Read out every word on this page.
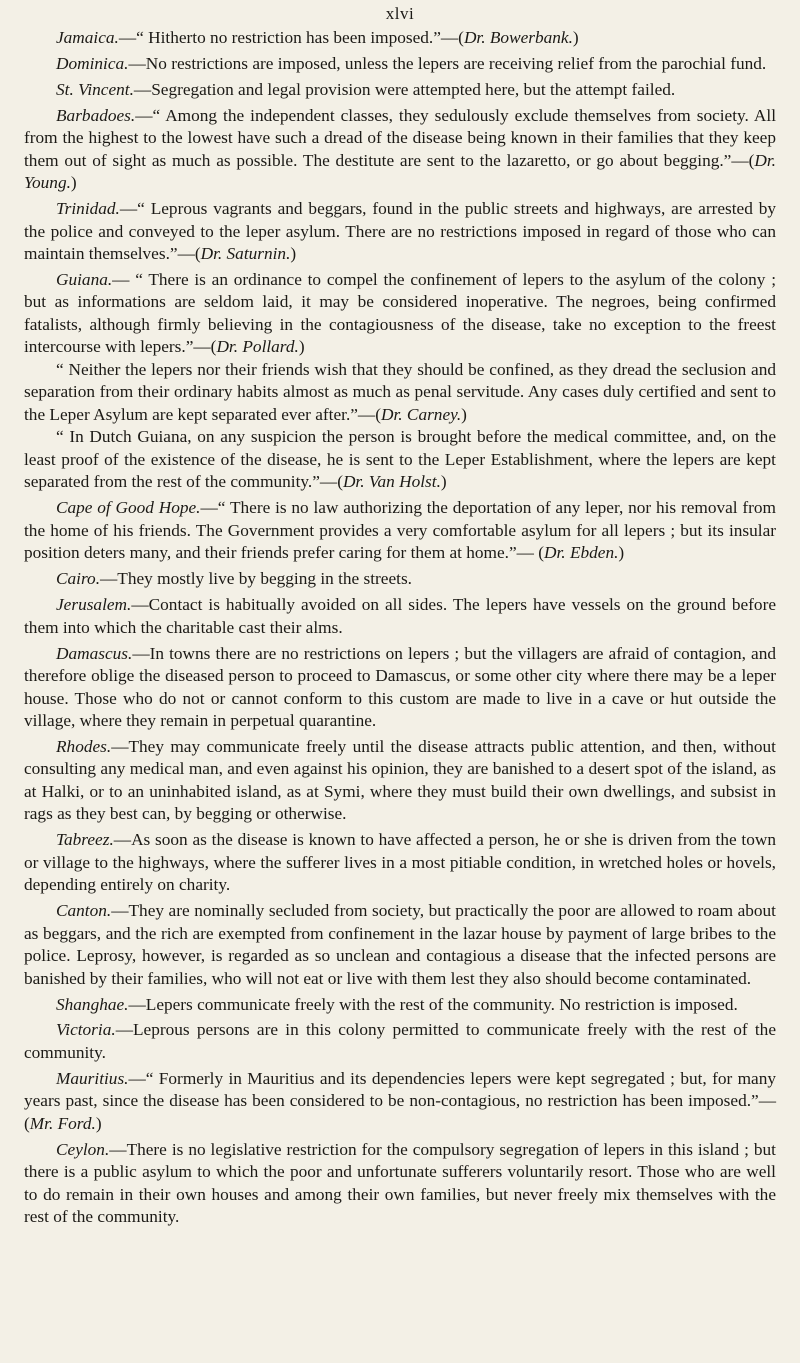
xlvi

Jamaica.—“ Hitherto no restriction has been imposed.”—(Dr. Bowerbank.)

Dominica.—No restrictions are imposed, unless the lepers are receiving relief from the parochial fund.

St. Vincent.—Segregation and legal provision were attempted here, but the attempt failed.

Barbadoes.—“ Among the independent classes, they sedulously exclude themselves from society. All from the highest to the lowest have such a dread of the disease being known in their families that they keep them out of sight as much as possible. The destitute are sent to the lazaretto, or go about begging.”—(Dr. Young.)

Trinidad.—“ Leprous vagrants and beggars, found in the public streets and highways, are arrested by the police and conveyed to the leper asylum. There are no restrictions imposed in regard of those who can maintain themselves.”—(Dr. Saturnin.)

Guiana.— “ There is an ordinance to compel the confinement of lepers to the asylum of the colony ; but as informations are seldom laid, it may be considered inoperative. The negroes, being confirmed fatalists, although firmly believing in the contagiousness of the disease, take no exception to the freest intercourse with lepers.”—(Dr. Pollard.)

“ Neither the lepers nor their friends wish that they should be confined, as they dread the seclusion and separation from their ordinary habits almost as much as penal servitude. Any cases duly certified and sent to the Leper Asylum are kept separated ever after.”—(Dr. Carney.)

“ In Dutch Guiana, on any suspicion the person is brought before the medical committee, and, on the least proof of the existence of the disease, he is sent to the Leper Establishment, where the lepers are kept separated from the rest of the community.”—(Dr. Van Holst.)

Cape of Good Hope.—“ There is no law authorizing the deportation of any leper, nor his removal from the home of his friends. The Government provides a very comfortable asylum for all lepers ; but its insular position deters many, and their friends prefer caring for them at home.”— (Dr. Ebden.)

Cairo.—They mostly live by begging in the streets.

Jerusalem.—Contact is habitually avoided on all sides. The lepers have vessels on the ground before them into which the charitable cast their alms.

Damascus.—In towns there are no restrictions on lepers ; but the villagers are afraid of contagion, and therefore oblige the diseased person to proceed to Damascus, or some other city where there may be a leper house. Those who do not or cannot conform to this custom are made to live in a cave or hut outside the village, where they remain in perpetual quarantine.

Rhodes.—They may communicate freely until the disease attracts public attention, and then, without consulting any medical man, and even against his opinion, they are banished to a desert spot of the island, as at Halki, or to an uninhabited island, as at Symi, where they must build their own dwellings, and subsist in rags as they best can, by begging or otherwise.

Tabreez.—As soon as the disease is known to have affected a person, he or she is driven from the town or village to the highways, where the sufferer lives in a most pitiable condition, in wretched holes or hovels, depending entirely on charity.

Canton.—They are nominally secluded from society, but practically the poor are allowed to roam about as beggars, and the rich are exempted from confinement in the lazar house by payment of large bribes to the police. Leprosy, however, is regarded as so unclean and contagious a disease that the infected persons are banished by their families, who will not eat or live with them lest they also should become contaminated.

Shanghae.—Lepers communicate freely with the rest of the community. No restriction is imposed.

Victoria.—Leprous persons are in this colony permitted to communicate freely with the rest of the community.

Mauritius.—“ Formerly in Mauritius and its dependencies lepers were kept segregated ; but, for many years past, since the disease has been considered to be non-contagious, no restriction has been imposed.”—(Mr. Ford.)

Ceylon.—There is no legislative restriction for the compulsory segregation of lepers in this island ; but there is a public asylum to which the poor and unfortunate sufferers voluntarily resort. Those who are well to do remain in their own houses and among their own families, but never freely mix themselves with the rest of the community.
